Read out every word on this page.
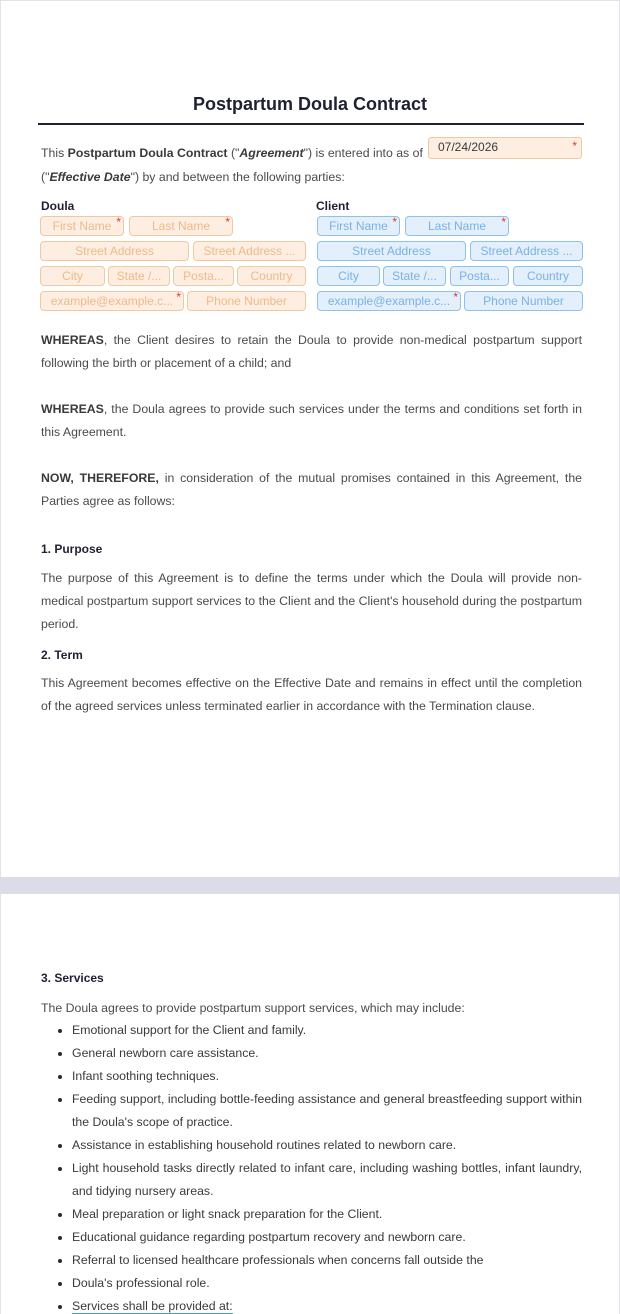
Postpartum Doula Contract
This Postpartum Doula Contract ("Agreement") is entered into as of	07/24/2026	*
("Effective Date") by and between the following parties:
Doula
First Name *	Last Name *
Street Address	Street Address ...
City	State /...	Posta...	Country
example@example.c... *	Phone Number
Client
First Name *	Last Name *
Street Address	Street Address ...
City	State /...	Posta...	Country
example@example.c... *	Phone Number
WHEREAS, the Client desires to retain the Doula to provide non-medical postpartum support following the birth or placement of a child; and
WHEREAS, the Doula agrees to provide such services under the terms and conditions set forth in this Agreement.
NOW, THEREFORE, in consideration of the mutual promises contained in this Agreement, the Parties agree as follows:
1. Purpose
The purpose of this Agreement is to define the terms under which the Doula will provide non-medical postpartum support services to the Client and the Client's household during the postpartum period.
2. Term
This Agreement becomes effective on the Effective Date and remains in effect until the completion of the agreed services unless terminated earlier in accordance with the Termination clause.
3. Services
The Doula agrees to provide postpartum support services, which may include:
Emotional support for the Client and family.
General newborn care assistance.
Infant soothing techniques.
Feeding support, including bottle-feeding assistance and general breastfeeding support within the Doula's scope of practice.
Assistance in establishing household routines related to newborn care.
Light household tasks directly related to infant care, including washing bottles, infant laundry, and tidying nursery areas.
Meal preparation or light snack preparation for the Client.
Educational guidance regarding postpartum recovery and newborn care.
Referral to licensed healthcare professionals when concerns fall outside the
Doula's professional role.
Services shall be provided at:
